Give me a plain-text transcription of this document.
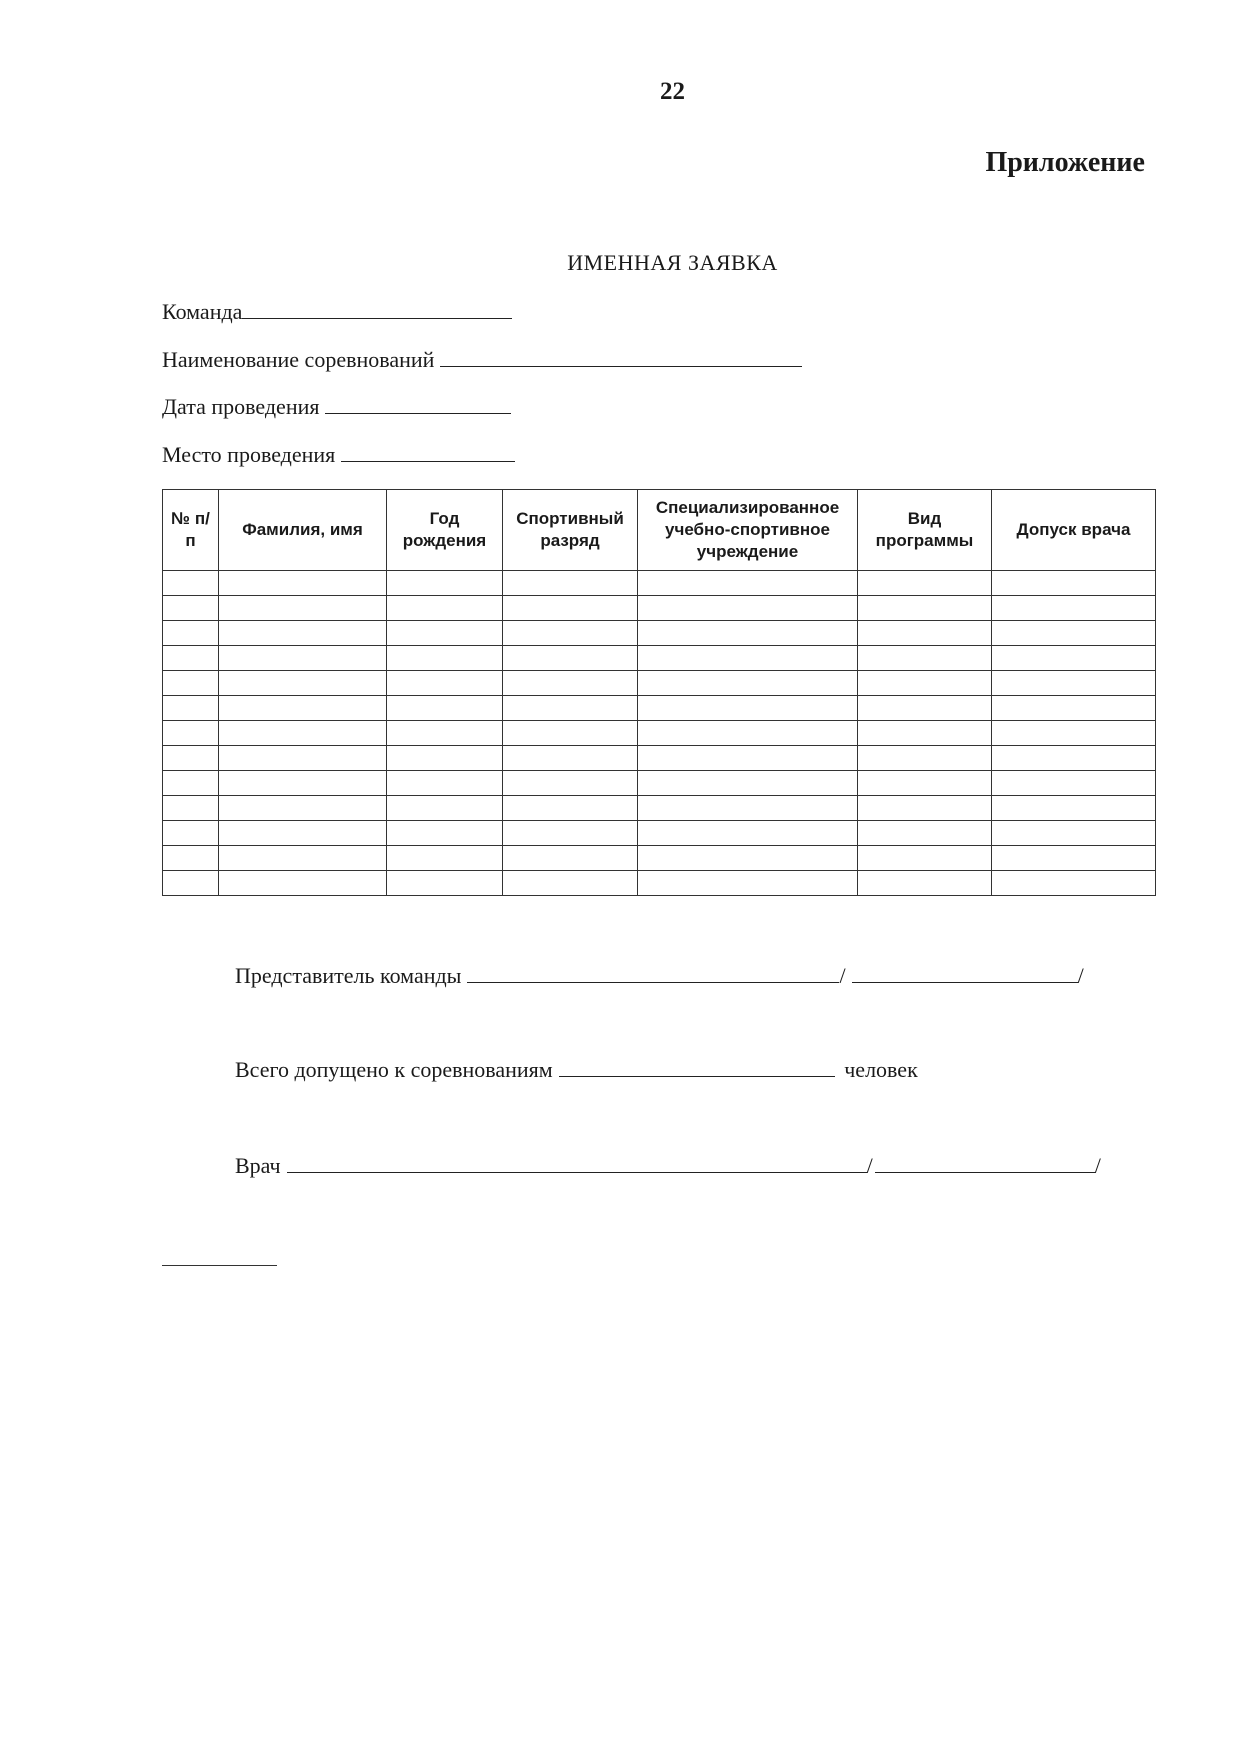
22
Приложение
ИМЕННАЯ ЗАЯВКА
Команда
Наименование соревнований
Дата проведения
Место проведения
№ п/п	Фамилия, имя	Год рождения	Спортивный разряд	Специализированное учебно-спортивное учреждение	Вид программы	Допуск врача

Представитель команды	/	/
Всего допущено к соревнованиям	человек
Врач	/	/
